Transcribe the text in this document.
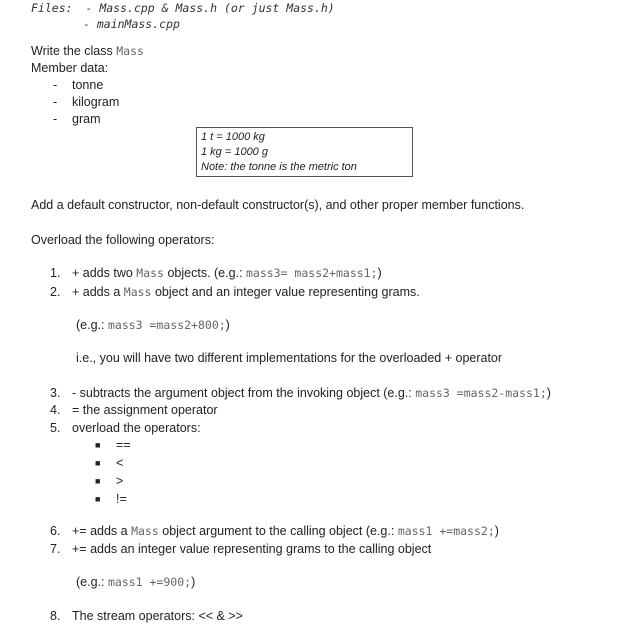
Files: - Mass.cpp & Mass.h (or just Mass.h)
- mainMass.cpp
Write the class Mass
Member data:
- tonne
- kilogram
- gram
1 t = 1000 kg
1 kg = 1000 g
Note: the tonne is the metric ton
Add a default constructor, non-default constructor(s), and other proper member functions.
Overload the following operators:
1. + adds two Mass objects. (e.g.: mass3= mass2+mass1;)
2. + adds a Mass object and an integer value representing grams.
(e.g.: mass3 =mass2+800;)
i.e., you will have two different implementations for the overloaded + operator
3. - subtracts the argument object from the invoking object (e.g.: mass3 =mass2-mass1;)
4. = the assignment operator
5. overload the operators:
■ ==
■ <
■ >
■ !=
6. += adds a Mass object argument to the calling object (e.g.: mass1 +=mass2;)
7. += adds an integer value representing grams to the calling object
(e.g.: mass1 +=900;)
8. The stream operators: << & >>
